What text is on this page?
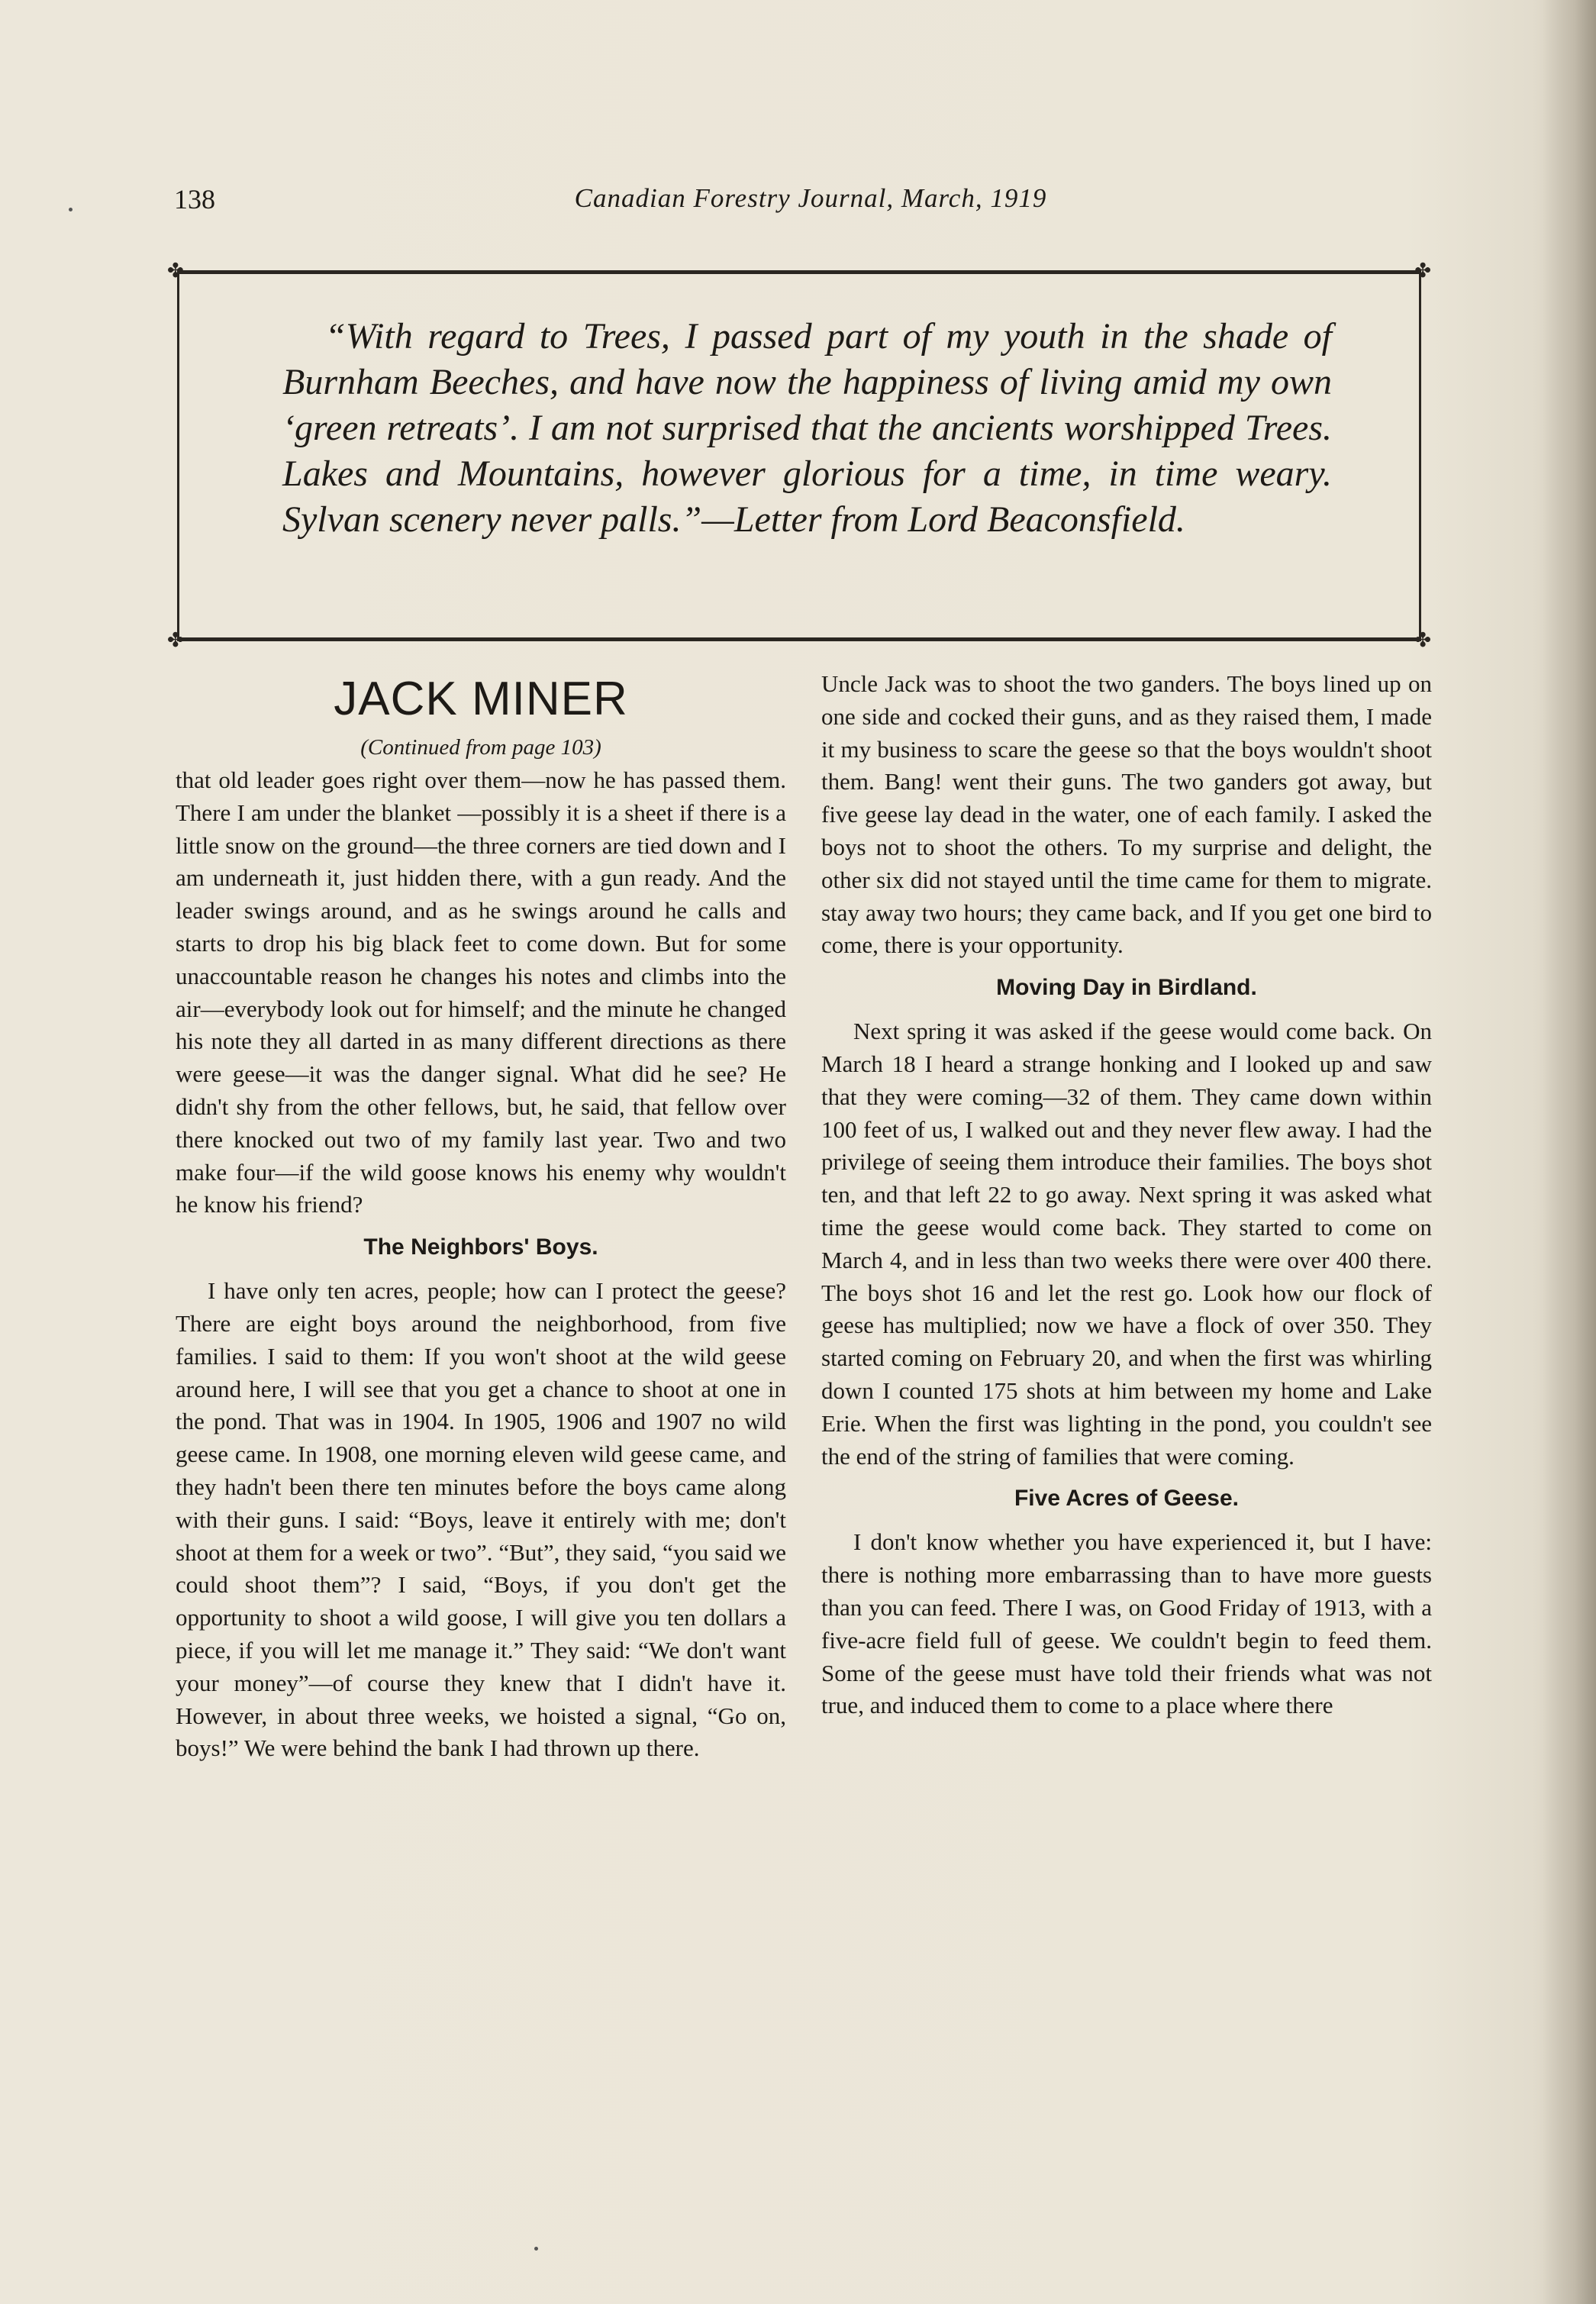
138	Canadian Forestry Journal, March, 1919
✤	✤
✤	✤
“With regard to Trees, I passed part of my youth in the shade of Burnham Beeches, and have now the happiness of living amid my own ‘green retreats’. I am not surprised that the ancients worshipped Trees. Lakes and Mountains, however glorious for a time, in time weary. Sylvan scenery never palls.”—Letter from Lord Beaconsfield.
JACK MINER
(Continued from page 103)

that old leader goes right over them—now he has passed them. There I am under the blanket —possibly it is a sheet if there is a little snow on the ground—the three corners are tied down and I am underneath it, just hidden there, with a gun ready. And the leader swings around, and as he swings around he calls and starts to drop his big black feet to come down. But for some unaccountable reason he changes his notes and climbs into the air—everybody look out for himself; and the minute he changed his note they all darted in as many different directions as there were geese—it was the danger signal. What did he see? He didn't shy from the other fellows, but, he said, that fellow over there knocked out two of my family last year. Two and two make four—if the wild goose knows his enemy why wouldn't he know his friend?

The Neighbors' Boys.

I have only ten acres, people; how can I protect the geese? There are eight boys around the neighborhood, from five families. I said to them: If you won't shoot at the wild geese around here, I will see that you get a chance to shoot at one in the pond. That was in 1904. In 1905, 1906 and 1907 no wild geese came. In 1908, one morning eleven wild geese came, and they hadn't been there ten minutes before the boys came along with their guns. I said: “Boys, leave it entirely with me; don't shoot at them for a week or two”. “But”, they said, “you said we could shoot them”? I said, “Boys, if you don't get the opportunity to shoot a wild goose, I will give you ten dollars a piece, if you will let me manage it.” They said: “We don't want your money”—of course they knew that I didn't have it. However, in about three weeks, we hoisted a signal, “Go on, boys!” We were behind the bank I had thrown up there.

Uncle Jack was to shoot the two ganders. The boys lined up on one side and cocked their guns, and as they raised them, I made it my business to scare the geese so that the boys wouldn't shoot them. Bang! went their guns. The two ganders got away, but five geese lay dead in the water, one of each family. I asked the boys not to shoot the others. To my surprise and delight, the other six did not stayed until the time came for them to migrate. stay away two hours; they came back, and If you get one bird to come, there is your opportunity.

Moving Day in Birdland.

Next spring it was asked if the geese would come back. On March 18 I heard a strange honking and I looked up and saw that they were coming—32 of them. They came down within 100 feet of us, I walked out and they never flew away. I had the privilege of seeing them introduce their families. The boys shot ten, and that left 22 to go away. Next spring it was asked what time the geese would come back. They started to come on March 4, and in less than two weeks there were over 400 there. The boys shot 16 and let the rest go. Look how our flock of geese has multiplied; now we have a flock of over 350. They started coming on February 20, and when the first was whirling down I counted 175 shots at him between my home and Lake Erie. When the first was lighting in the pond, you couldn't see the end of the string of families that were coming.

Five Acres of Geese.

I don't know whether you have experienced it, but I have: there is nothing more embarrassing than to have more guests than you can feed. There I was, on Good Friday of 1913, with a five-acre field full of geese. We couldn't begin to feed them. Some of the geese must have told their friends what was not true, and induced them to come to a place where there
